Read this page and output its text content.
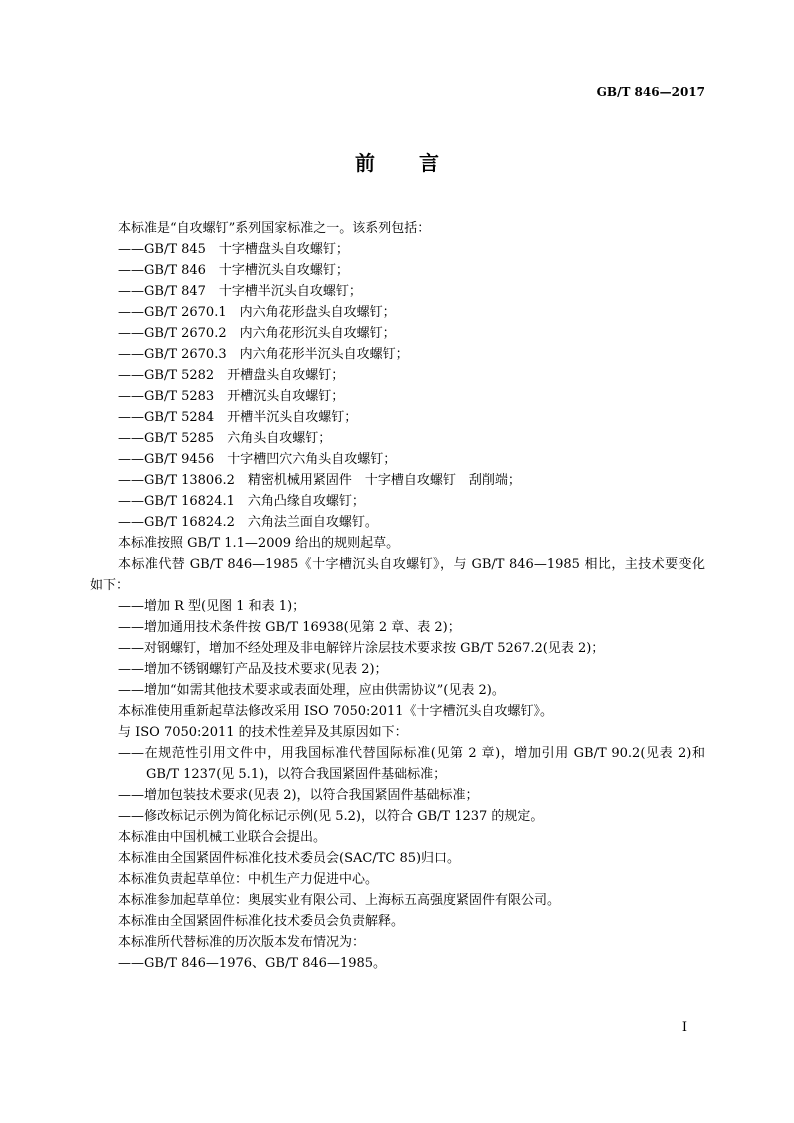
GB/T 846—2017
前 言
本标准是“自攻螺钉”系列国家标准之一。该系列包括：
——GB/T 845　十字槽盘头自攻螺钉；
——GB/T 846　十字槽沉头自攻螺钉；
——GB/T 847　十字槽半沉头自攻螺钉；
——GB/T 2670.1　内六角花形盘头自攻螺钉；
——GB/T 2670.2　内六角花形沉头自攻螺钉；
——GB/T 2670.3　内六角花形半沉头自攻螺钉；
——GB/T 5282　开槽盘头自攻螺钉；
——GB/T 5283　开槽沉头自攻螺钉；
——GB/T 5284　开槽半沉头自攻螺钉；
——GB/T 5285　六角头自攻螺钉；
——GB/T 9456　十字槽凹穴六角头自攻螺钉；
——GB/T 13806.2　精密机械用紧固件　十字槽自攻螺钉　刮削端；
——GB/T 16824.1　六角凸缘自攻螺钉；
——GB/T 16824.2　六角法兰面自攻螺钉。
本标准按照 GB/T 1.1—2009 给出的规则起草。
本标准代替 GB/T 846—1985《十字槽沉头自攻螺钉》，与 GB/T 846—1985 相比，主技术要变化
如下：
——增加 R 型(见图 1 和表 1)；
——增加通用技术条件按 GB/T 16938(见第 2 章、表 2)；
——对钢螺钉，增加不经处理及非电解锌片涂层技术要求按 GB/T 5267.2(见表 2)；
——增加不锈钢螺钉产品及技术要求(见表 2)；
——增加“如需其他技术要求或表面处理，应由供需协议”(见表 2)。
本标准使用重新起草法修改采用 ISO 7050:2011《十字槽沉头自攻螺钉》。
与 ISO 7050:2011 的技术性差异及其原因如下：
——在规范性引用文件中，用我国标准代替国际标准(见第 2 章)，增加引用 GB/T 90.2(见表 2)和
GB/T 1237(见 5.1)，以符合我国紧固件基础标准；
——增加包装技术要求(见表 2)，以符合我国紧固件基础标准；
——修改标记示例为简化标记示例(见 5.2)，以符合 GB/T 1237 的规定。
本标准由中国机械工业联合会提出。
本标准由全国紧固件标准化技术委员会(SAC/TC 85)归口。
本标准负责起草单位：中机生产力促进中心。
本标准参加起草单位：奥展实业有限公司、上海标五高强度紧固件有限公司。
本标准由全国紧固件标准化技术委员会负责解释。
本标准所代替标准的历次版本发布情况为：
——GB/T 846—1976、GB/T 846—1985。
I
